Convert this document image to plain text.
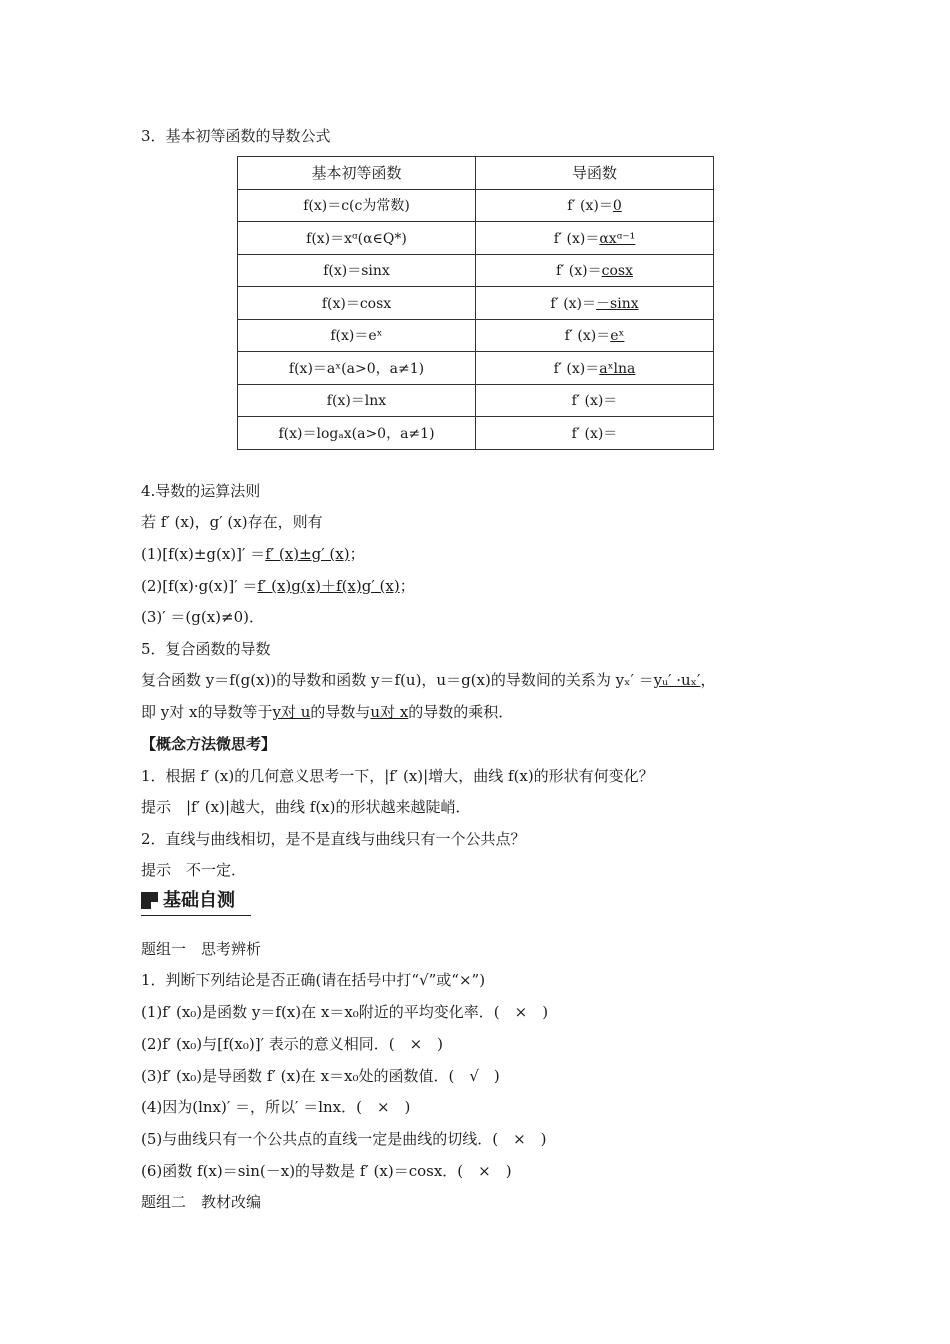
3．基本初等函数的导数公式
基本初等函数	导函数
f(x)＝c(c为常数)	f′ (x)＝0
f(x)＝xᵅ(α∈Q*)	f′ (x)＝αxᵅ⁻¹
f(x)＝sinx	f′ (x)＝cosx
f(x)＝cosx	f′ (x)＝－sinx
f(x)＝eˣ	f′ (x)＝eˣ
f(x)＝aˣ(a>0，a≠1)	f′ (x)＝aˣlna
f(x)＝lnx	f′ (x)＝
f(x)＝logₐx(a>0，a≠1)	f′ (x)＝
4.导数的运算法则
若 f′ (x)，g′ (x)存在，则有
(1)[f(x)±g(x)]′ ＝f′ (x)±g′ (x)；
(2)[f(x)·g(x)]′ ＝f′ (x)g(x)＋f(x)g′ (x)；
(3)′ ＝(g(x)≠0)．
5．复合函数的导数
复合函数 y＝f(g(x))的导数和函数 y＝f(u)，u＝g(x)的导数间的关系为 yₓ′ ＝yᵤ′ ·uₓ′，
即 y对 x的导数等于y对 u的导数与u对 x的导数的乘积．
【概念方法微思考】
1．根据 f′ (x)的几何意义思考一下，|f′ (x)|增大，曲线 f(x)的形状有何变化？
提示　|f′ (x)|越大，曲线 f(x)的形状越来越陡峭．
2．直线与曲线相切，是不是直线与曲线只有一个公共点？
提示　不一定．
基础自测
题组一　思考辨析
1．判断下列结论是否正确(请在括号中打“√”或“×”)
(1)f′ (x₀)是函数 y＝f(x)在 x＝x₀附近的平均变化率．(　×　)
(2)f′ (x₀)与[f(x₀)]′ 表示的意义相同．(　×　)
(3)f′ (x₀)是导函数 f′ (x)在 x＝x₀处的函数值．(　√　)
(4)因为(lnx)′ ＝，所以′ ＝lnx．(　×　)
(5)与曲线只有一个公共点的直线一定是曲线的切线．(　×　)
(6)函数 f(x)＝sin(－x)的导数是 f′ (x)＝cosx．(　×　)
题组二　教材改编
